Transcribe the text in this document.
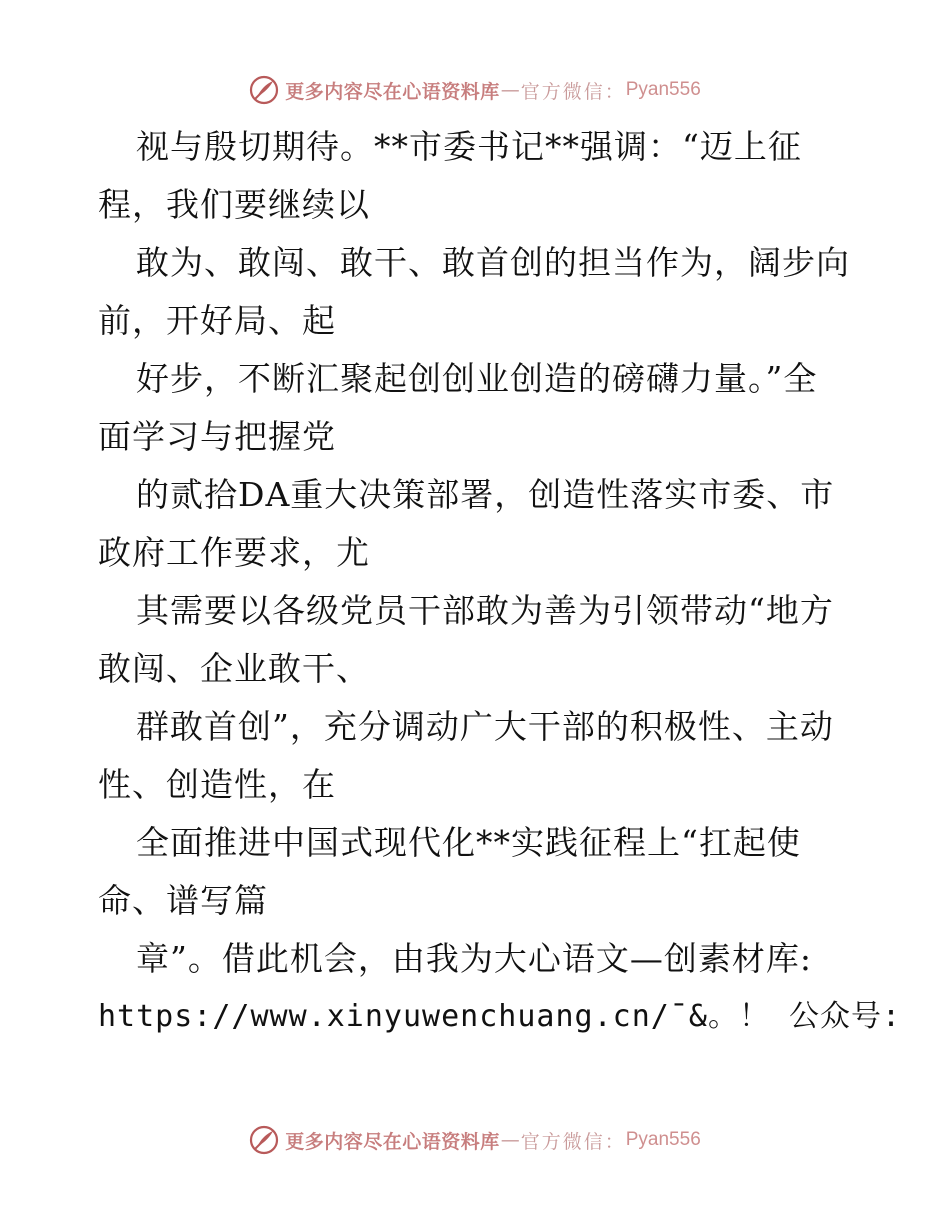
更多内容尽在心语资料库 — 官方微信： Pyan556
视与殷切期待。**市委书记**强调：“迈上征
程，我们要继续以
敢为、敢闯、敢干、敢首创的担当作为，阔步向
前，开好局、起
好步，不断汇聚起创创业创造的磅礴力量。”全
面学习与把握党
的贰拾DA重大决策部署，创造性落实市委、市
政府工作要求，尤
其需要以各级党员干部敢为善为引领带动“地方
敢闯、企业敢干、
群敢首创”，充分调动广大干部的积极性、主动
性、创造性，在
全面推进中国式现代化**实践征程上“扛起使
命、谱写篇
章”。借此机会，由我为大心语文—创素材库:
https://www.xinyuwenchuang.cn/¯&。！ 公众号:
更多内容尽在心语资料库 — 官方微信： Pyan556
